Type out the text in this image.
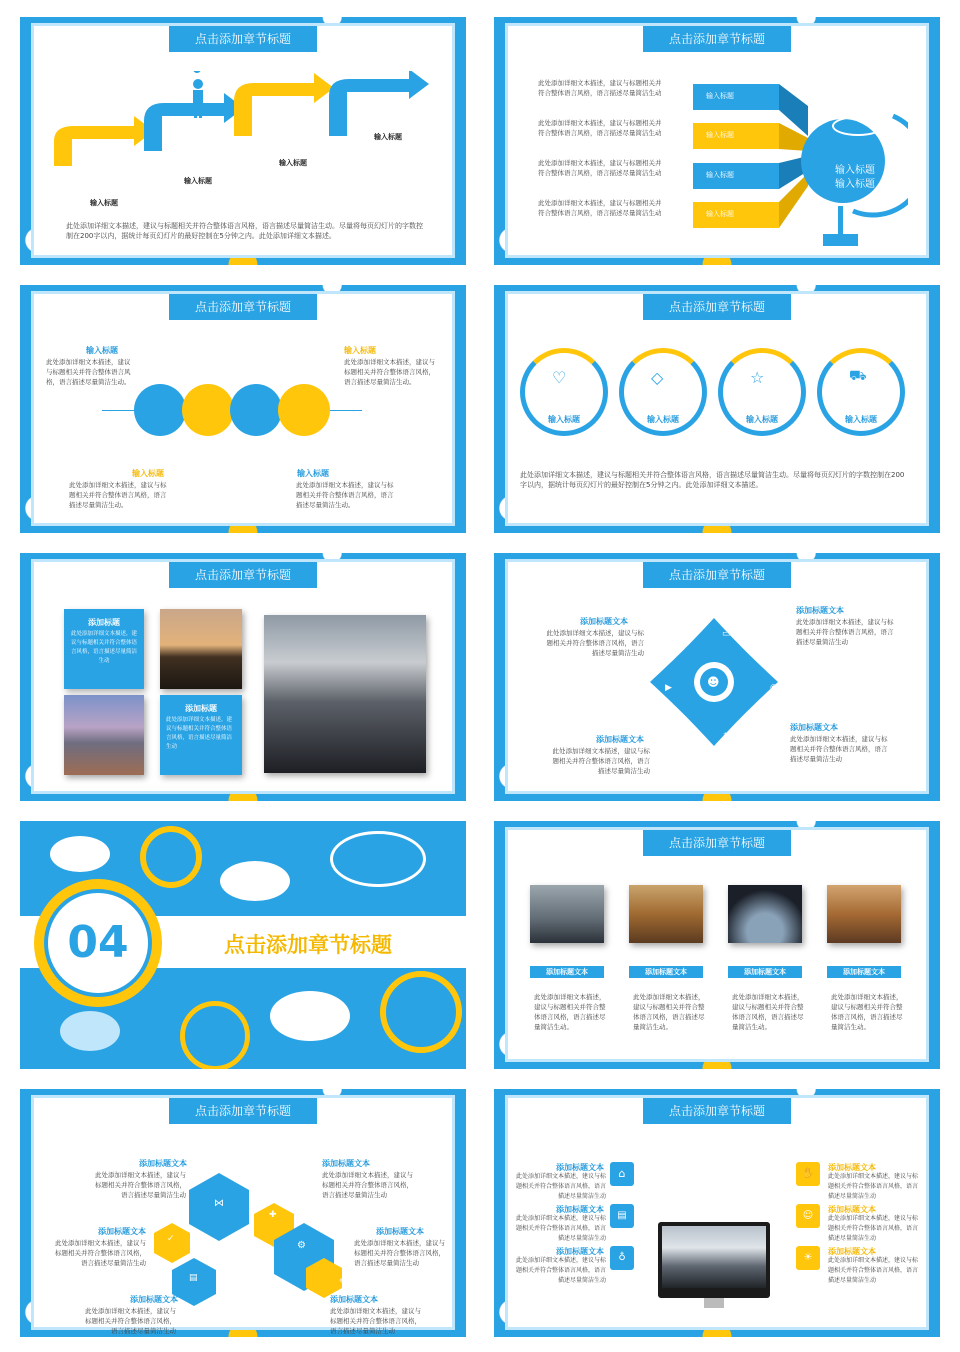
点击添加章节标题
输入标题
输入标题
输入标题
输入标题
此处添加详细文本描述，建议与标题相关并符合整体语言风格，语言描述尽量简洁生动。尽量将每页幻灯片的字数控制在200字以内，据统计每页幻灯片的最好控制在5分钟之内。此处添加详细文本描述。
点击添加章节标题
此处添加详细文本描述，建议与标题相关并符合整体语言风格，语言描述尽量简洁生动
此处添加详细文本描述，建议与标题相关并符合整体语言风格，语言描述尽量简洁生动
此处添加详细文本描述，建议与标题相关并符合整体语言风格，语言描述尽量简洁生动
此处添加详细文本描述，建议与标题相关并符合整体语言风格，语言描述尽量简洁生动
输入标题
输入标题
输入标题
输入标题
输入标题
输入标题
点击添加章节标题
输入标题
此处添加详细文本描述，建议与标题相关并符合整体语言风格，语言描述尽量简洁生动。
输入标题
此处添加详细文本描述，建议与标题相关并符合整体语言风格，语言描述尽量简洁生动。
输入标题
此处添加详细文本描述，建议与标题相关并符合整体语言风格，语言描述尽量简洁生动。
输入标题
此处添加详细文本描述，建议与标题相关并符合整体语言风格，语言描述尽量简洁生动。
点击添加章节标题
♡	◇	☆	⛟
输入标题	输入标题	输入标题	输入标题
此处添加详细文本描述，建议与标题相关并符合整体语言风格，语言描述尽量简洁生动。尽量将每页幻灯片的字数控制在200字以内，据统计每页幻灯片的最好控制在5分钟之内。此处添加详细文本描述。
点击添加章节标题
添加标题
此处添加详细文本描述，建议与标题相关并符合整体语言风格，语言描述尽量简洁生动
添加标题
此处添加详细文本描述，建议与标题相关并符合整体语言风格，语言描述尽量简洁生动
点击添加章节标题
☻
▭
▶	◉
♁
添加标题文本
此处添加详细文本描述，建议与标题相关并符合整体语言风格，语言描述尽量简洁生动
添加标题文本
此处添加详细文本描述，建议与标题相关并符合整体语言风格，语言描述尽量简洁生动
添加标题文本
此处添加详细文本描述，建议与标题相关并符合整体语言风格，语言描述尽量简洁生动
添加标题文本
此处添加详细文本描述，建议与标题相关并符合整体语言风格，语言描述尽量简洁生动
04	点击添加章节标题
点击添加章节标题
添加标题文本	添加标题文本	添加标题文本	添加标题文本
此处添加详细文本描述，建议与标题相关并符合整体语言风格，语言描述尽量简洁生动。
此处添加详细文本描述，建议与标题相关并符合整体语言风格，语言描述尽量简洁生动。
此处添加详细文本描述，建议与标题相关并符合整体语言风格，语言描述尽量简洁生动。
此处添加详细文本描述，建议与标题相关并符合整体语言风格，语言描述尽量简洁生动。
点击添加章节标题
⋈
✚
⚙
✓
▤	✎
添加标题文本
此处添加详细文本描述，建议与标题相关并符合整体语言风格，语言描述尽量简洁生动
添加标题文本
此处添加详细文本描述，建议与标题相关并符合整体语言风格，语言描述尽量简洁生动
添加标题文本
此处添加详细文本描述，建议与标题相关并符合整体语言风格，语言描述尽量简洁生动
添加标题文本
此处添加详细文本描述，建议与标题相关并符合整体语言风格，语言描述尽量简洁生动
添加标题文本
此处添加详细文本描述，建议与标题相关并符合整体语言风格，语言描述尽量简洁生动
添加标题文本
此处添加详细文本描述，建议与标题相关并符合整体语言风格，语言描述尽量简洁生动
点击添加章节标题
⌂
▤
♁
✋
☺
☀
添加标题文本
此处添加详细文本描述，建议与标题相关并符合整体语言风格，语言描述尽量简洁生动
添加标题文本
此处添加详细文本描述，建议与标题相关并符合整体语言风格，语言描述尽量简洁生动
添加标题文本
此处添加详细文本描述，建议与标题相关并符合整体语言风格，语言描述尽量简洁生动
添加标题文本
此处添加详细文本描述，建议与标题相关并符合整体语言风格，语言描述尽量简洁生动
添加标题文本
此处添加详细文本描述，建议与标题相关并符合整体语言风格，语言描述尽量简洁生动
添加标题文本
此处添加详细文本描述，建议与标题相关并符合整体语言风格，语言描述尽量简洁生动
